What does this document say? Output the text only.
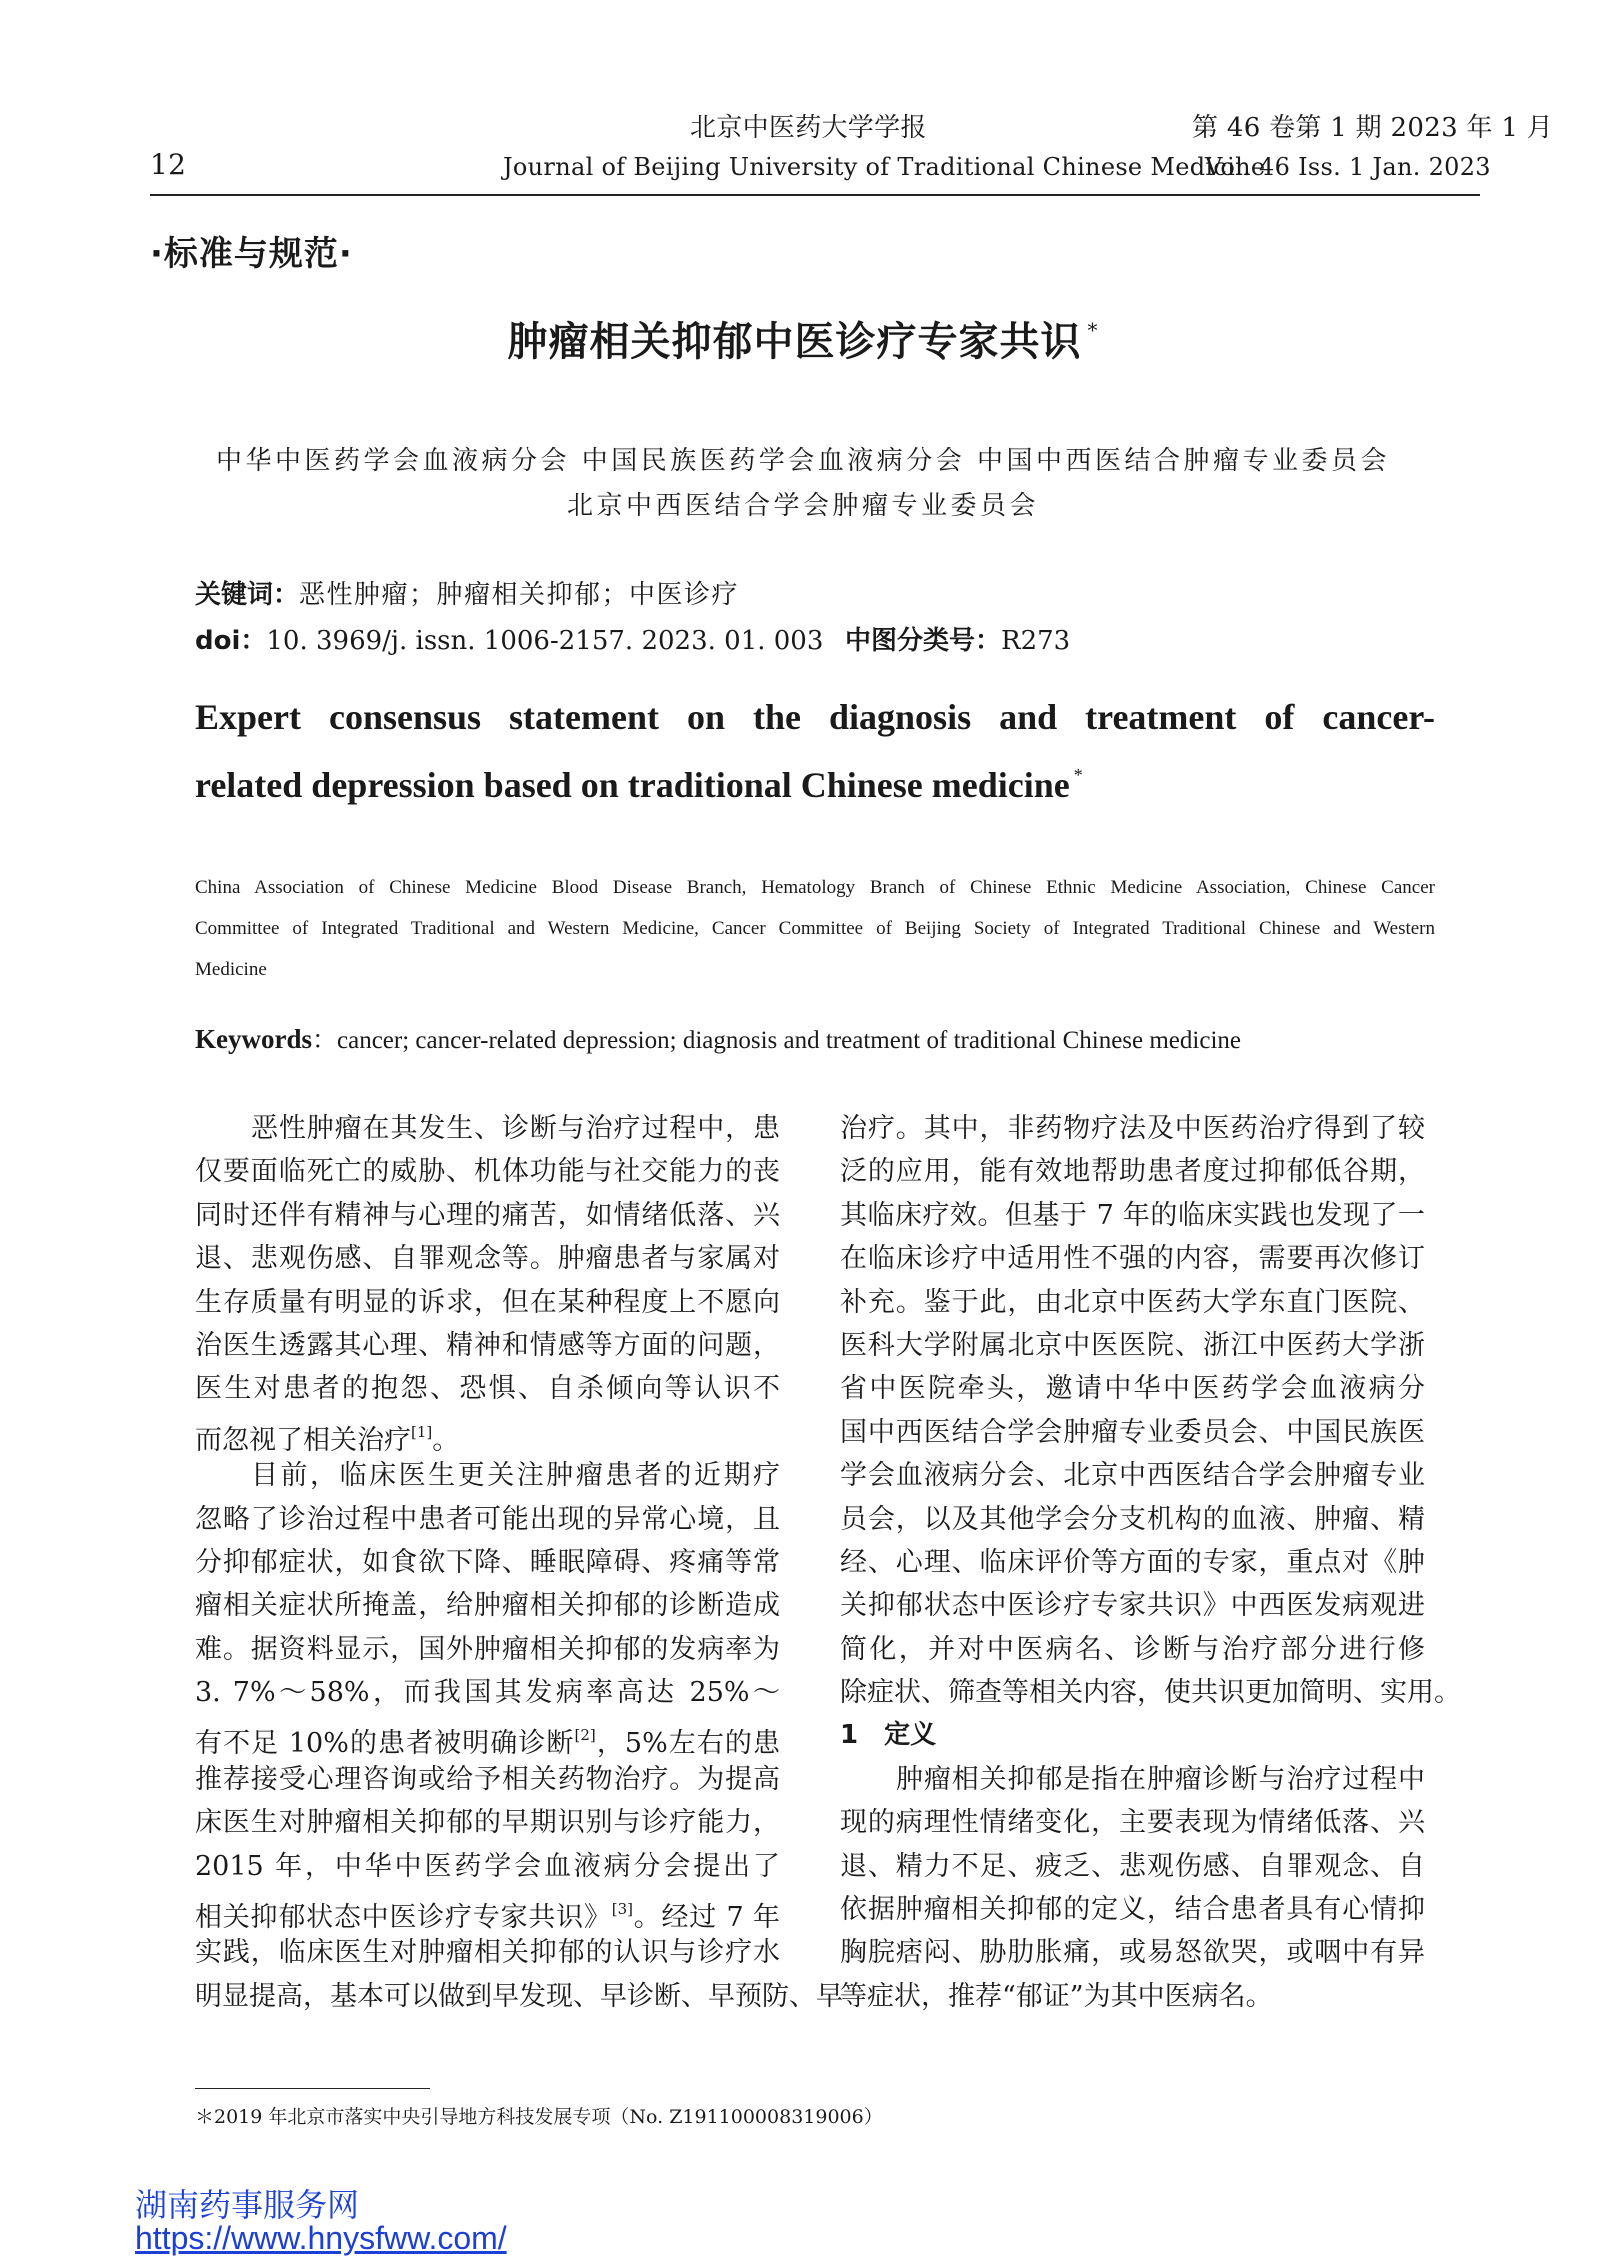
12
北京中医药大学学报
Journal of Beijing University of Traditional Chinese Medicine
第 46 卷第 1 期 2023 年 1 月
Vol. 46 Iss. 1 Jan. 2023
·标准与规范·
肿瘤相关抑郁中医诊疗专家共识 *
中华中医药学会血液病分会 中国民族医药学会血液病分会 中国中西医结合肿瘤专业委员会
北京中西医结合学会肿瘤专业委员会
关键词：恶性肿瘤；肿瘤相关抑郁；中医诊疗
doi：10. 3969/j. issn. 1006-2157. 2023. 01. 003 中图分类号：R273
Expert consensus statement on the diagnosis and treatment of cancer-
related depression based on traditional Chinese medicine *
China Association of Chinese Medicine Blood Disease Branch, Hematology Branch of Chinese Ethnic Medicine Association, Chinese Cancer
Committee of Integrated Traditional and Western Medicine, Cancer Committee of Beijing Society of Integrated Traditional Chinese and Western
Medicine
Keywords：cancer; cancer-related depression; diagnosis and treatment of traditional Chinese medicine
恶性肿瘤在其发生、诊断与治疗过程中，患
仅要面临死亡的威胁、机体功能与社交能力的丧
同时还伴有精神与心理的痛苦，如情绪低落、兴
退、悲观伤感、自罪观念等。肿瘤患者与家属对
生存质量有明显的诉求，但在某种程度上不愿向
治医生透露其心理、精神和情感等方面的问题，
医生对患者的抱怨、恐惧、自杀倾向等认识不
而忽视了相关治疗[1]。
目前，临床医生更关注肿瘤患者的近期疗
忽略了诊治过程中患者可能出现的异常心境，且
分抑郁症状，如食欲下降、睡眠障碍、疼痛等常
瘤相关症状所掩盖，给肿瘤相关抑郁的诊断造成
难。据资料显示，国外肿瘤相关抑郁的发病率为
3. 7%～58%，而我国其发病率高达 25%～
有不足 10%的患者被明确诊断[2]，5%左右的患
推荐接受心理咨询或给予相关药物治疗。为提高
床医生对肿瘤相关抑郁的早期识别与诊疗能力，
2015 年，中华中医药学会血液病分会提出了
相关抑郁状态中医诊疗专家共识》[3]。经过 7 年
实践，临床医生对肿瘤相关抑郁的认识与诊疗水
明显提高，基本可以做到早发现、早诊断、早预防、早
治疗。其中，非药物疗法及中医药治疗得到了较
泛的应用，能有效地帮助患者度过抑郁低谷期，
其临床疗效。但基于 7 年的临床实践也发现了一
在临床诊疗中适用性不强的内容，需要再次修订
补充。鉴于此，由北京中医药大学东直门医院、
医科大学附属北京中医医院、浙江中医药大学浙
省中医院牵头，邀请中华中医药学会血液病分
国中西医结合学会肿瘤专业委员会、中国民族医
学会血液病分会、北京中西医结合学会肿瘤专业
员会，以及其他学会分支机构的血液、肿瘤、精
经、心理、临床评价等方面的专家，重点对《肿
关抑郁状态中医诊疗专家共识》中西医发病观进
简化，并对中医病名、诊断与治疗部分进行修
除症状、筛查等相关内容，使共识更加简明、实用。
1　定义
肿瘤相关抑郁是指在肿瘤诊断与治疗过程中
现的病理性情绪变化，主要表现为情绪低落、兴
退、精力不足、疲乏、悲观伤感、自罪观念、自
依据肿瘤相关抑郁的定义，结合患者具有心情抑
胸脘痞闷、胁肋胀痛，或易怒欲哭，或咽中有异
等症状，推荐“郁证”为其中医病名。
＊2019 年北京市落实中央引导地方科技发展专项（No. Z191100008319006）
湖南药事服务网
https://www.hnysfww.com/
